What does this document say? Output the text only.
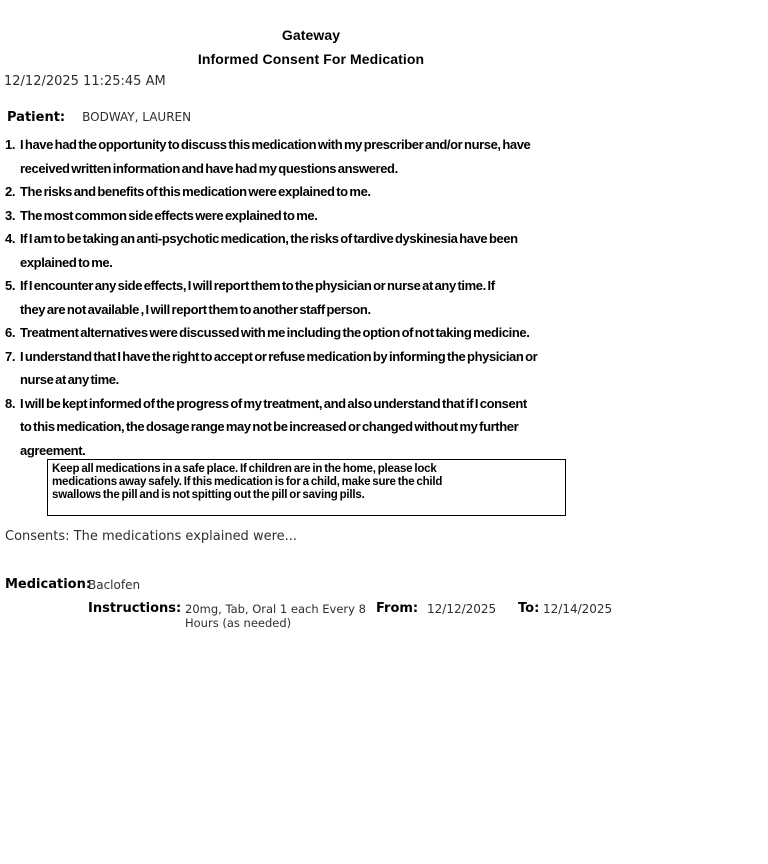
Gateway
Informed Consent For Medication
12/12/2025 11:25:45 AM
Patient: BODWAY, LAUREN
1. I have had the opportunity to discuss this medication with my prescriber and/or nurse, have
received written information and have had my questions answered.
2. The risks and benefits of this medication were explained to me.
3. The most common side effects were explained to me.
4. If I am to be taking an anti-psychotic medication, the risks of tardive dyskinesia have been
explained to me.
5. If I encounter any side effects, I will report them to the physician or nurse at any time. If
they are not available , I will report them to another staff person.
6. Treatment alternatives were discussed with me including the option of not taking medicine.
7. I understand that I have the right to accept or refuse medication by informing the physician or
nurse at any time.
8. I will be kept informed of the progress of my treatment, and also understand that if I consent
to this medication, the dosage range may not be increased or changed without my further
agreement.
Keep all medications in a safe place. If children are in the home, please lock
medications away safely. If this medication is for a child, make sure the child
swallows the pill and is not spitting out the pill or saving pills.
Consents: The medications explained were...
Medication:
Baclofen
Instructions: 20mg, Tab, Oral 1 each Every 8
Hours (as needed)
From: 12/12/2025 To: 12/14/2025
